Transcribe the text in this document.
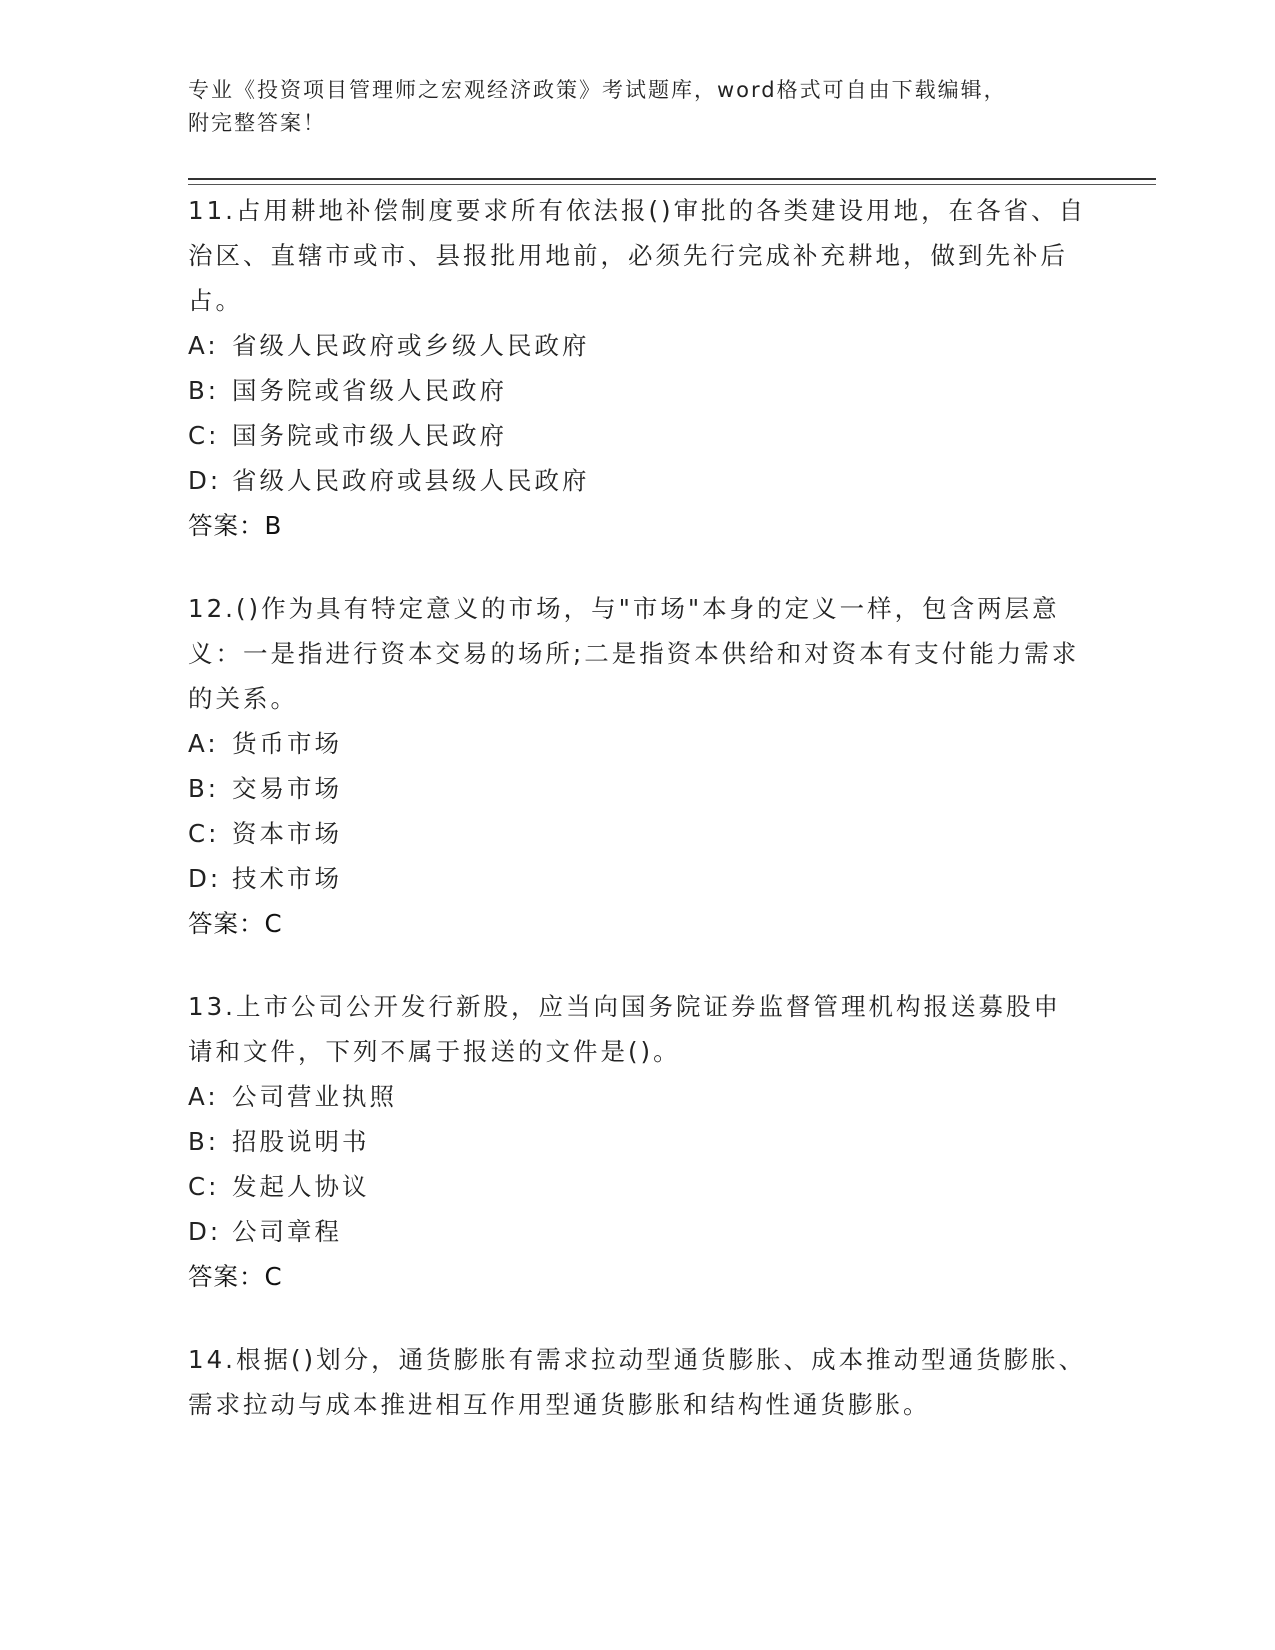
专业《投资项目管理师之宏观经济政策》考试题库，word格式可自由下载编辑，
附完整答案！

11.占用耕地补偿制度要求所有依法报()审批的各类建设用地，在各省、自治区、直辖市或市、县报批用地前，必须先行完成补充耕地，做到先补后占。

A: 省级人民政府或乡级人民政府

B: 国务院或省级人民政府

C: 国务院或市级人民政府

D: 省级人民政府或县级人民政府

答案：B

12.()作为具有特定意义的市场，与"市场"本身的定义一样，包含两层意义：一是指进行资本交易的场所;二是指资本供给和对资本有支付能力需求的关系。

A: 货币市场

B: 交易市场

C: 资本市场

D: 技术市场

答案：C

13.上市公司公开发行新股，应当向国务院证券监督管理机构报送募股申请和文件，下列不属于报送的文件是()。

A: 公司营业执照

B: 招股说明书

C: 发起人协议

D: 公司章程

答案：C

14.根据()划分，通货膨胀有需求拉动型通货膨胀、成本推动型通货膨胀、需求拉动与成本推进相互作用型通货膨胀和结构性通货膨胀。
